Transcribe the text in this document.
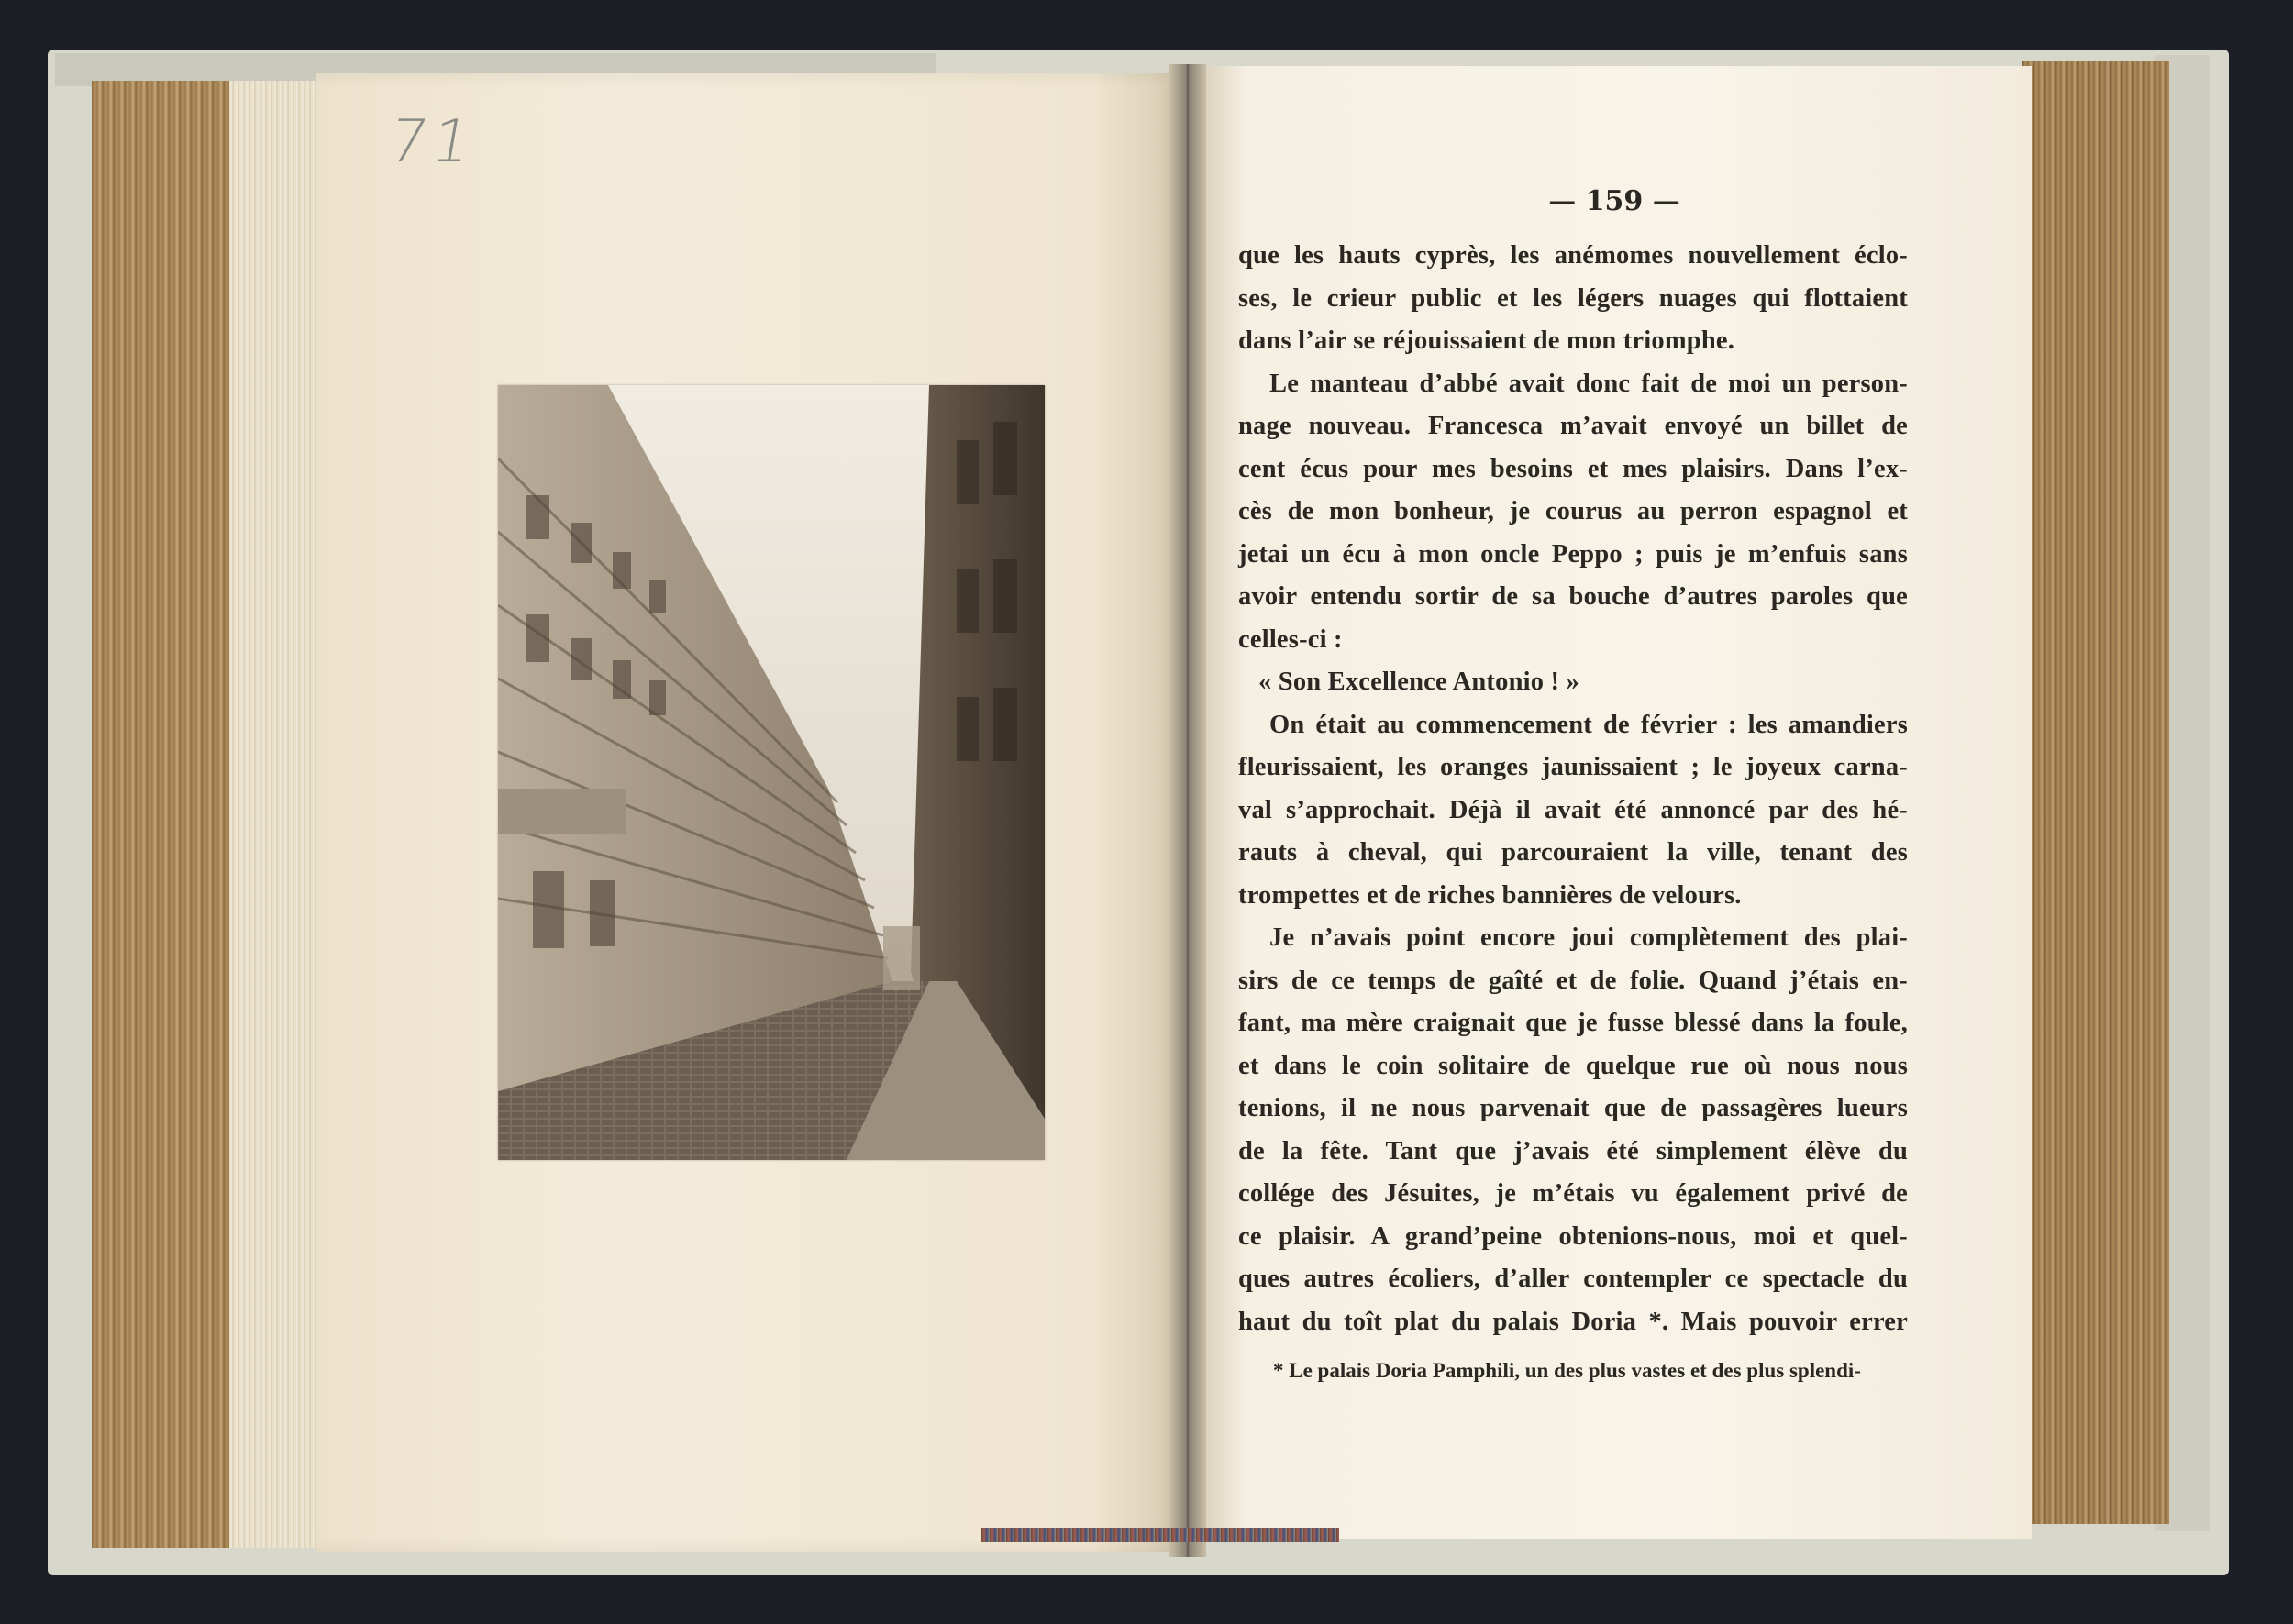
71
— 159 —
que les hauts cyprès, les anémomes nouvellement éclo-
ses, le crieur public et les légers nuages qui flottaient
dans l’air se réjouissaient de mon triomphe.
Le manteau d’abbé avait donc fait de moi un person-
nage nouveau. Francesca m’avait envoyé un billet de
cent écus pour mes besoins et mes plaisirs. Dans l’ex-
cès de mon bonheur, je courus au perron espagnol et
jetai un écu à mon oncle Peppo ; puis je m’enfuis sans
avoir entendu sortir de sa bouche d’autres paroles que
celles-ci :
« Son Excellence Antonio ! »
On était au commencement de février : les amandiers
fleurissaient, les oranges jaunissaient ; le joyeux carna-
val s’approchait. Déjà il avait été annoncé par des hé-
rauts à cheval, qui parcouraient la ville, tenant des
trompettes et de riches bannières de velours.
Je n’avais point encore joui complètement des plai-
sirs de ce temps de gaîté et de folie. Quand j’étais en-
fant, ma mère craignait que je fusse blessé dans la foule,
et dans le coin solitaire de quelque rue où nous nous
tenions, il ne nous parvenait que de passagères lueurs
de la fête. Tant que j’avais été simplement élève du
collége des Jésuites, je m’étais vu également privé de
ce plaisir. A grand’peine obtenions-nous, moi et quel-
ques autres écoliers, d’aller contempler ce spectacle du
haut du toît plat du palais Doria *. Mais pouvoir errer
* Le palais Doria Pamphili, un des plus vastes et des plus splendi-
